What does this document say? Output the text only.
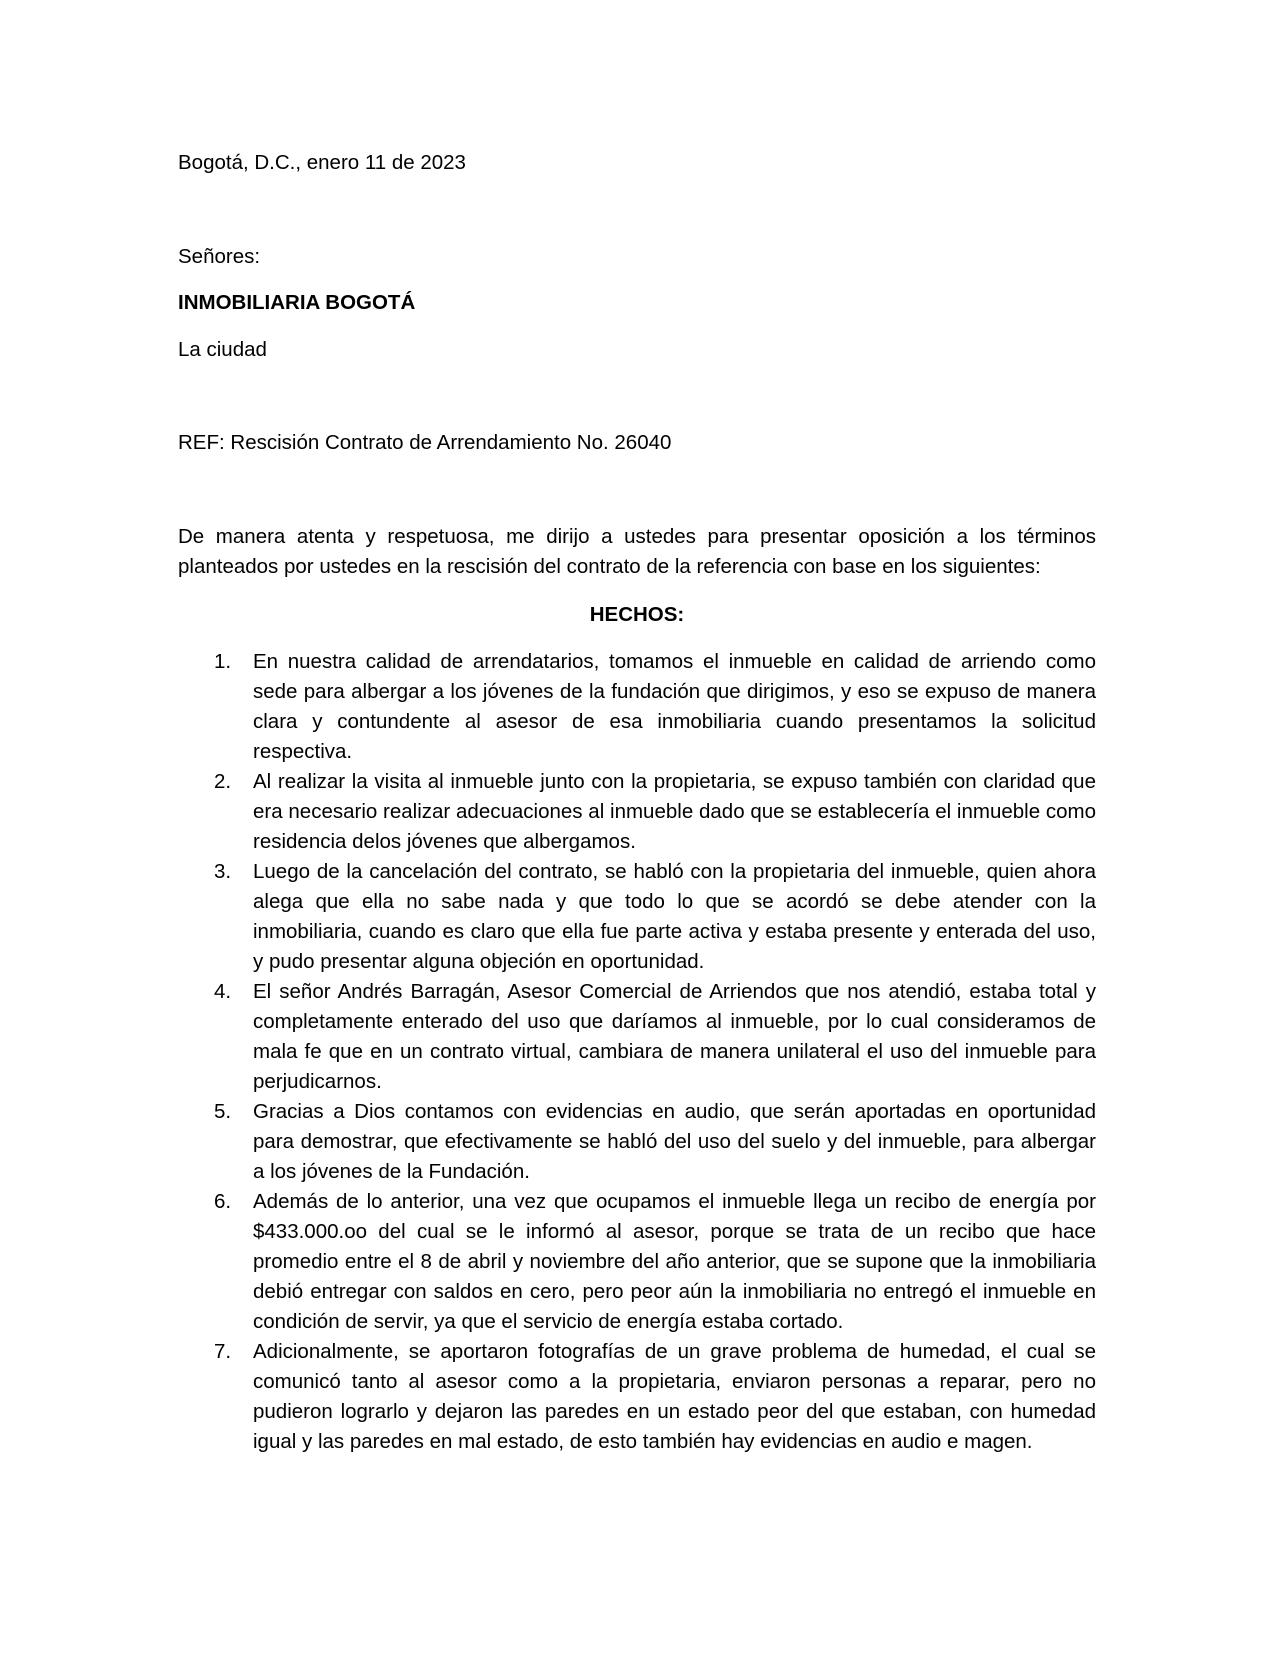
Bogotá, D.C., enero 11 de 2023

Señores:

INMOBILIARIA BOGOTÁ

La ciudad

REF: Rescisión Contrato de Arrendamiento No. 26040

De manera atenta y respetuosa, me dirijo a ustedes para presentar oposición a los términos planteados por ustedes en la rescisión del contrato de la referencia con base en los siguientes:

HECHOS:

1.	En nuestra calidad de arrendatarios, tomamos el inmueble en calidad de arriendo como sede para albergar a los jóvenes de la fundación que dirigimos, y eso se expuso de manera clara y contundente al asesor de esa inmobiliaria cuando presentamos la solicitud respectiva.

2.	Al realizar la visita al inmueble junto con la propietaria, se expuso también con claridad que era necesario realizar adecuaciones al inmueble dado que se establecería el inmueble como residencia delos jóvenes que albergamos.

3.	Luego de la cancelación del contrato, se habló con la propietaria del inmueble, quien ahora alega que ella no sabe nada y que todo lo que se acordó se debe atender con la inmobiliaria, cuando es claro que ella fue parte activa y estaba presente y enterada del uso, y pudo presentar alguna objeción en oportunidad.

4.	El señor Andrés Barragán, Asesor Comercial de Arriendos que nos atendió, estaba total y completamente enterado del uso que daríamos al inmueble, por lo cual consideramos de mala fe que en un contrato virtual, cambiara de manera unilateral el uso del inmueble para perjudicarnos.

5.	Gracias a Dios contamos con evidencias en audio, que serán aportadas en oportunidad para demostrar, que efectivamente se habló del uso del suelo y del inmueble, para albergar a los jóvenes de la Fundación.

6.	Además de lo anterior, una vez que ocupamos el inmueble llega un recibo de energía por $433.000.oo del cual se le informó al asesor, porque se trata de un recibo que hace promedio entre el 8 de abril y noviembre del año anterior, que se supone que la inmobiliaria debió entregar con saldos en cero, pero peor aún la inmobiliaria no entregó el inmueble en condición de servir, ya que el servicio de energía estaba cortado.

7.	Adicionalmente, se aportaron fotografías de un grave problema de humedad, el cual se comunicó tanto al asesor como a la propietaria, enviaron personas a reparar, pero no pudieron lograrlo y dejaron las paredes en un estado peor del que estaban, con humedad igual y las paredes en mal estado, de esto también hay evidencias en audio e magen.
